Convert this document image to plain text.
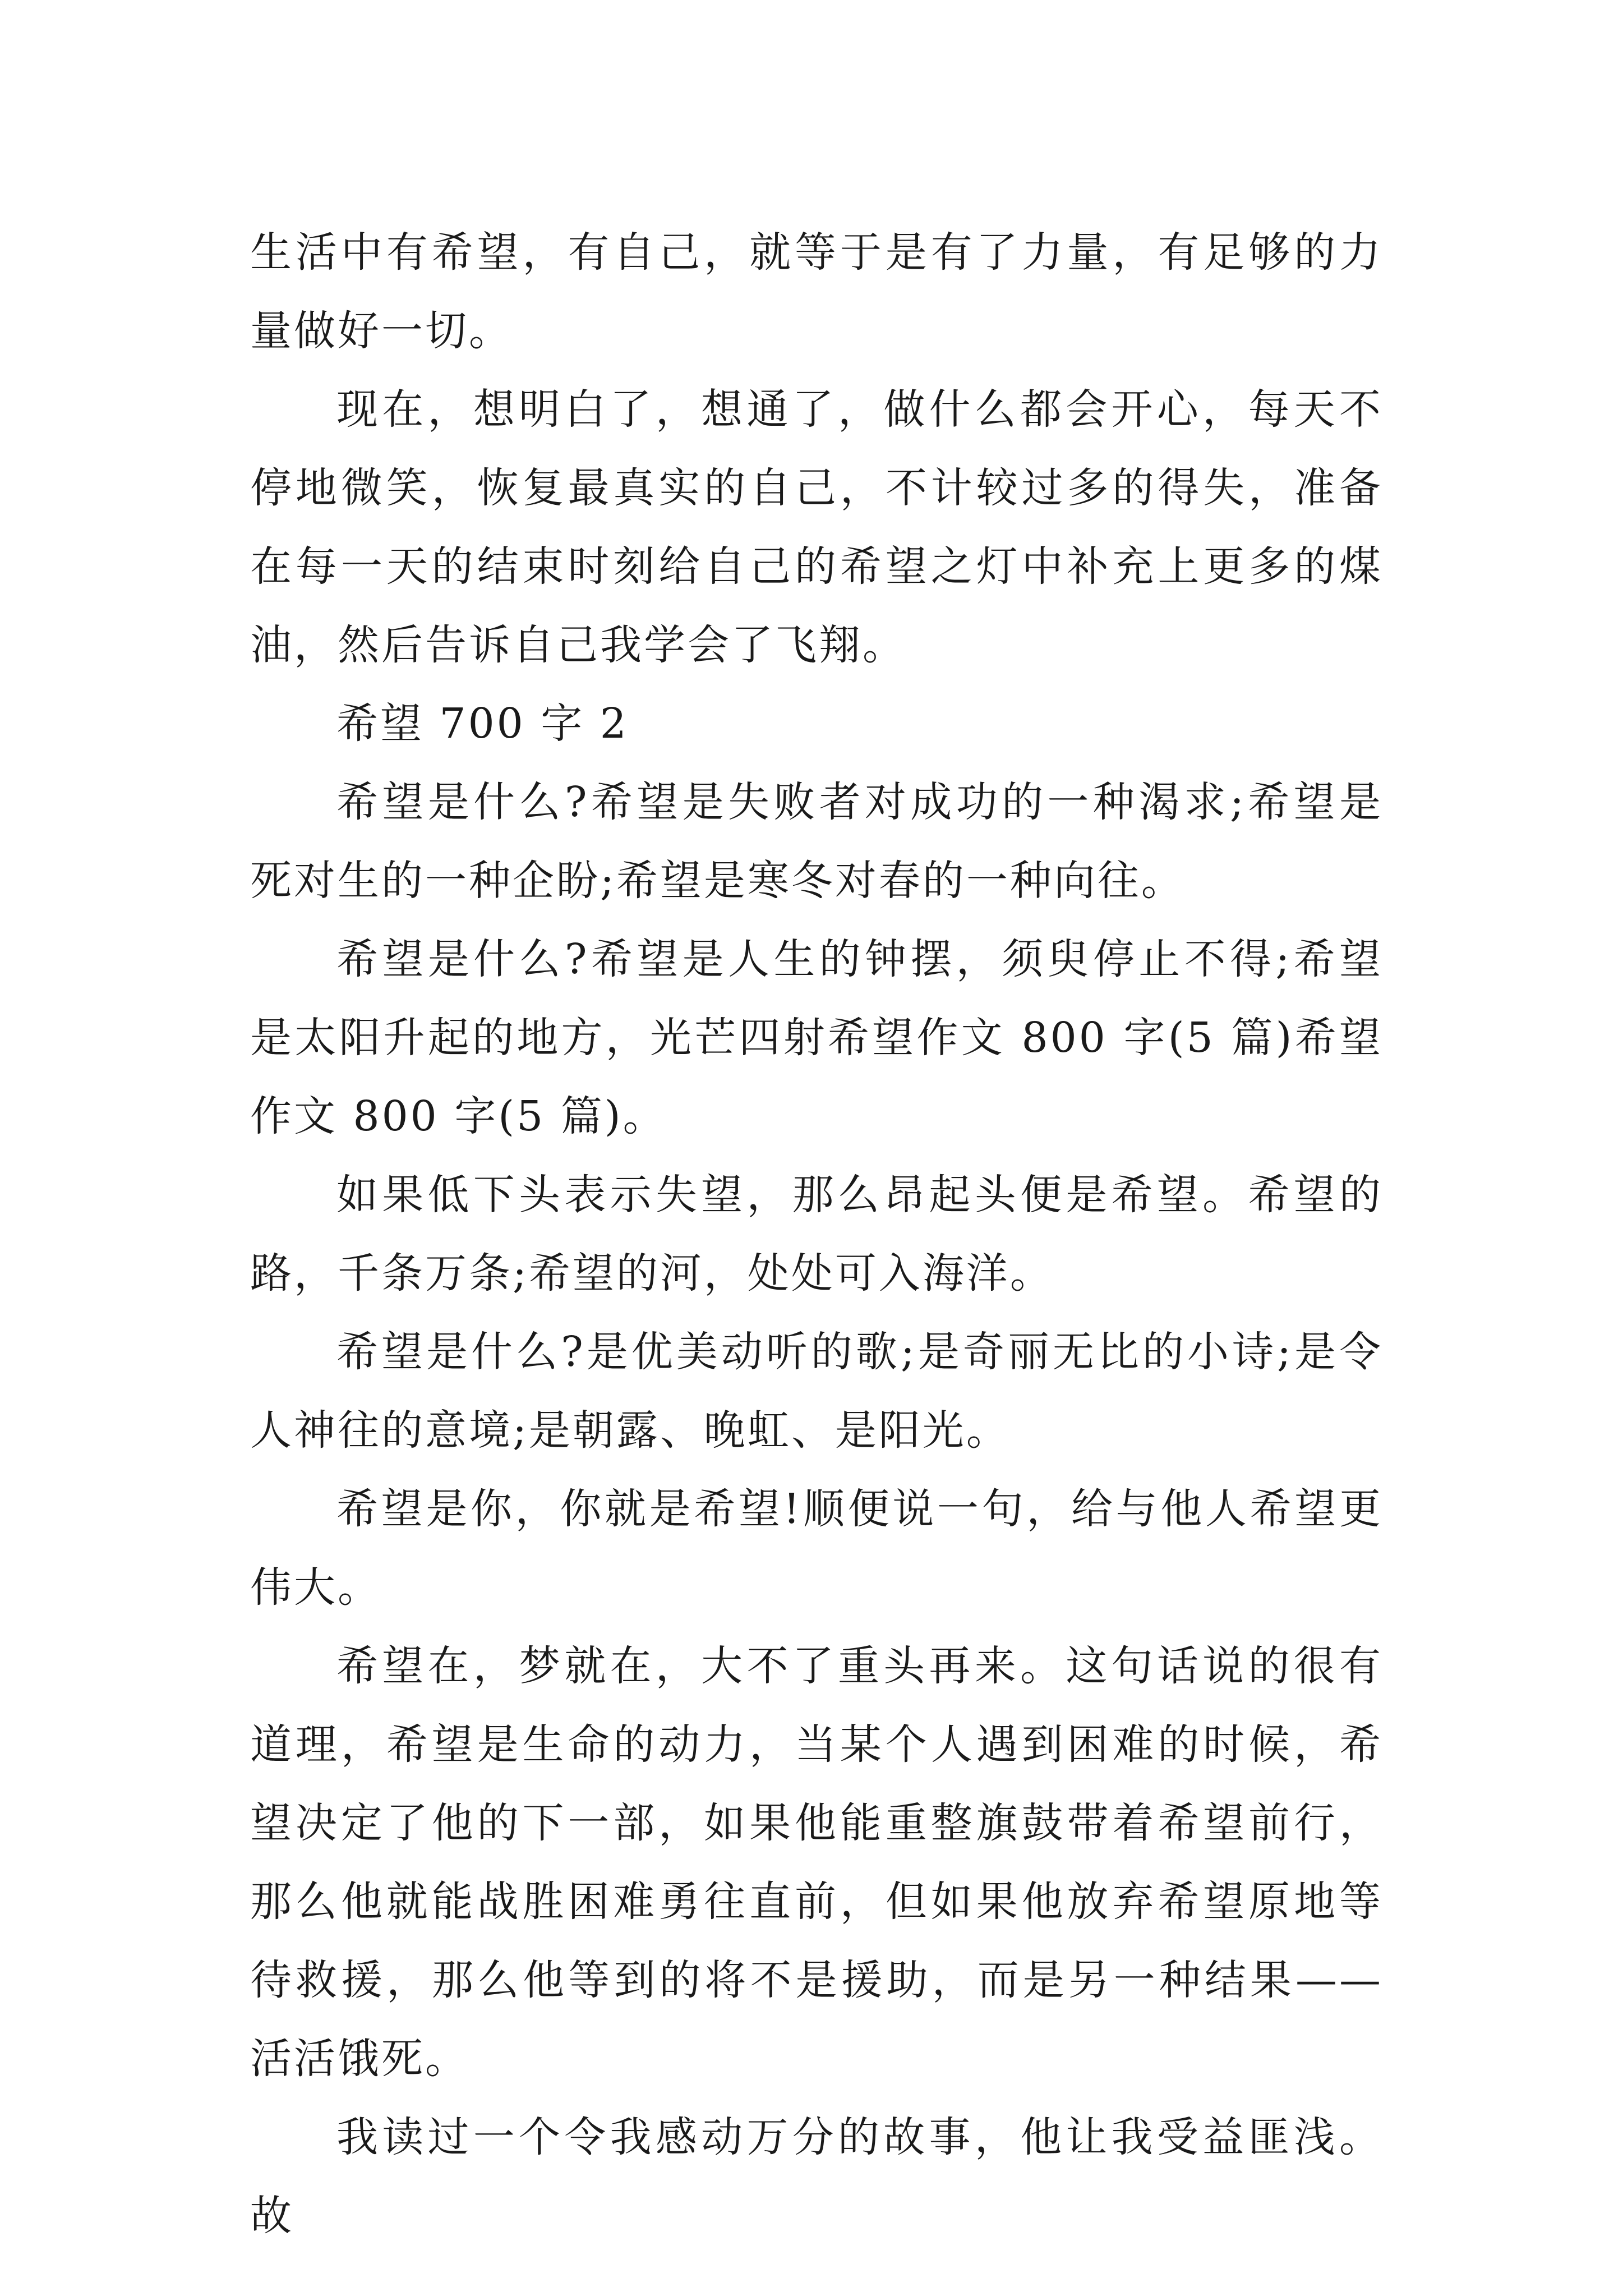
生活中有希望，有自己，就等于是有了力量，有足够的力量做好一切。

现在，想明白了，想通了，做什么都会开心，每天不停地微笑，恢复最真实的自己，不计较过多的得失，准备在每一天的结束时刻给自己的希望之灯中补充上更多的煤油，然后告诉自己我学会了飞翔。

希望 700 字 2

希望是什么?希望是失败者对成功的一种渴求;希望是死对生的一种企盼;希望是寒冬对春的一种向往。

希望是什么?希望是人生的钟摆，须臾停止不得;希望是太阳升起的地方，光芒四射希望作文 800 字(5 篇)希望作文 800 字(5 篇)。

如果低下头表示失望，那么昂起头便是希望。希望的路，千条万条;希望的河，处处可入海洋。

希望是什么?是优美动听的歌;是奇丽无比的小诗;是令人神往的意境;是朝露、晚虹、是阳光。

希望是你，你就是希望!顺便说一句，给与他人希望更伟大。

希望在，梦就在，大不了重头再来。这句话说的很有道理，希望是生命的动力，当某个人遇到困难的时候，希望决定了他的下一部，如果他能重整旗鼓带着希望前行，那么他就能战胜困难勇往直前，但如果他放弃希望原地等待救援，那么他等到的将不是援助，而是另一种结果——活活饿死。

我读过一个令我感动万分的故事，他让我受益匪浅。故
